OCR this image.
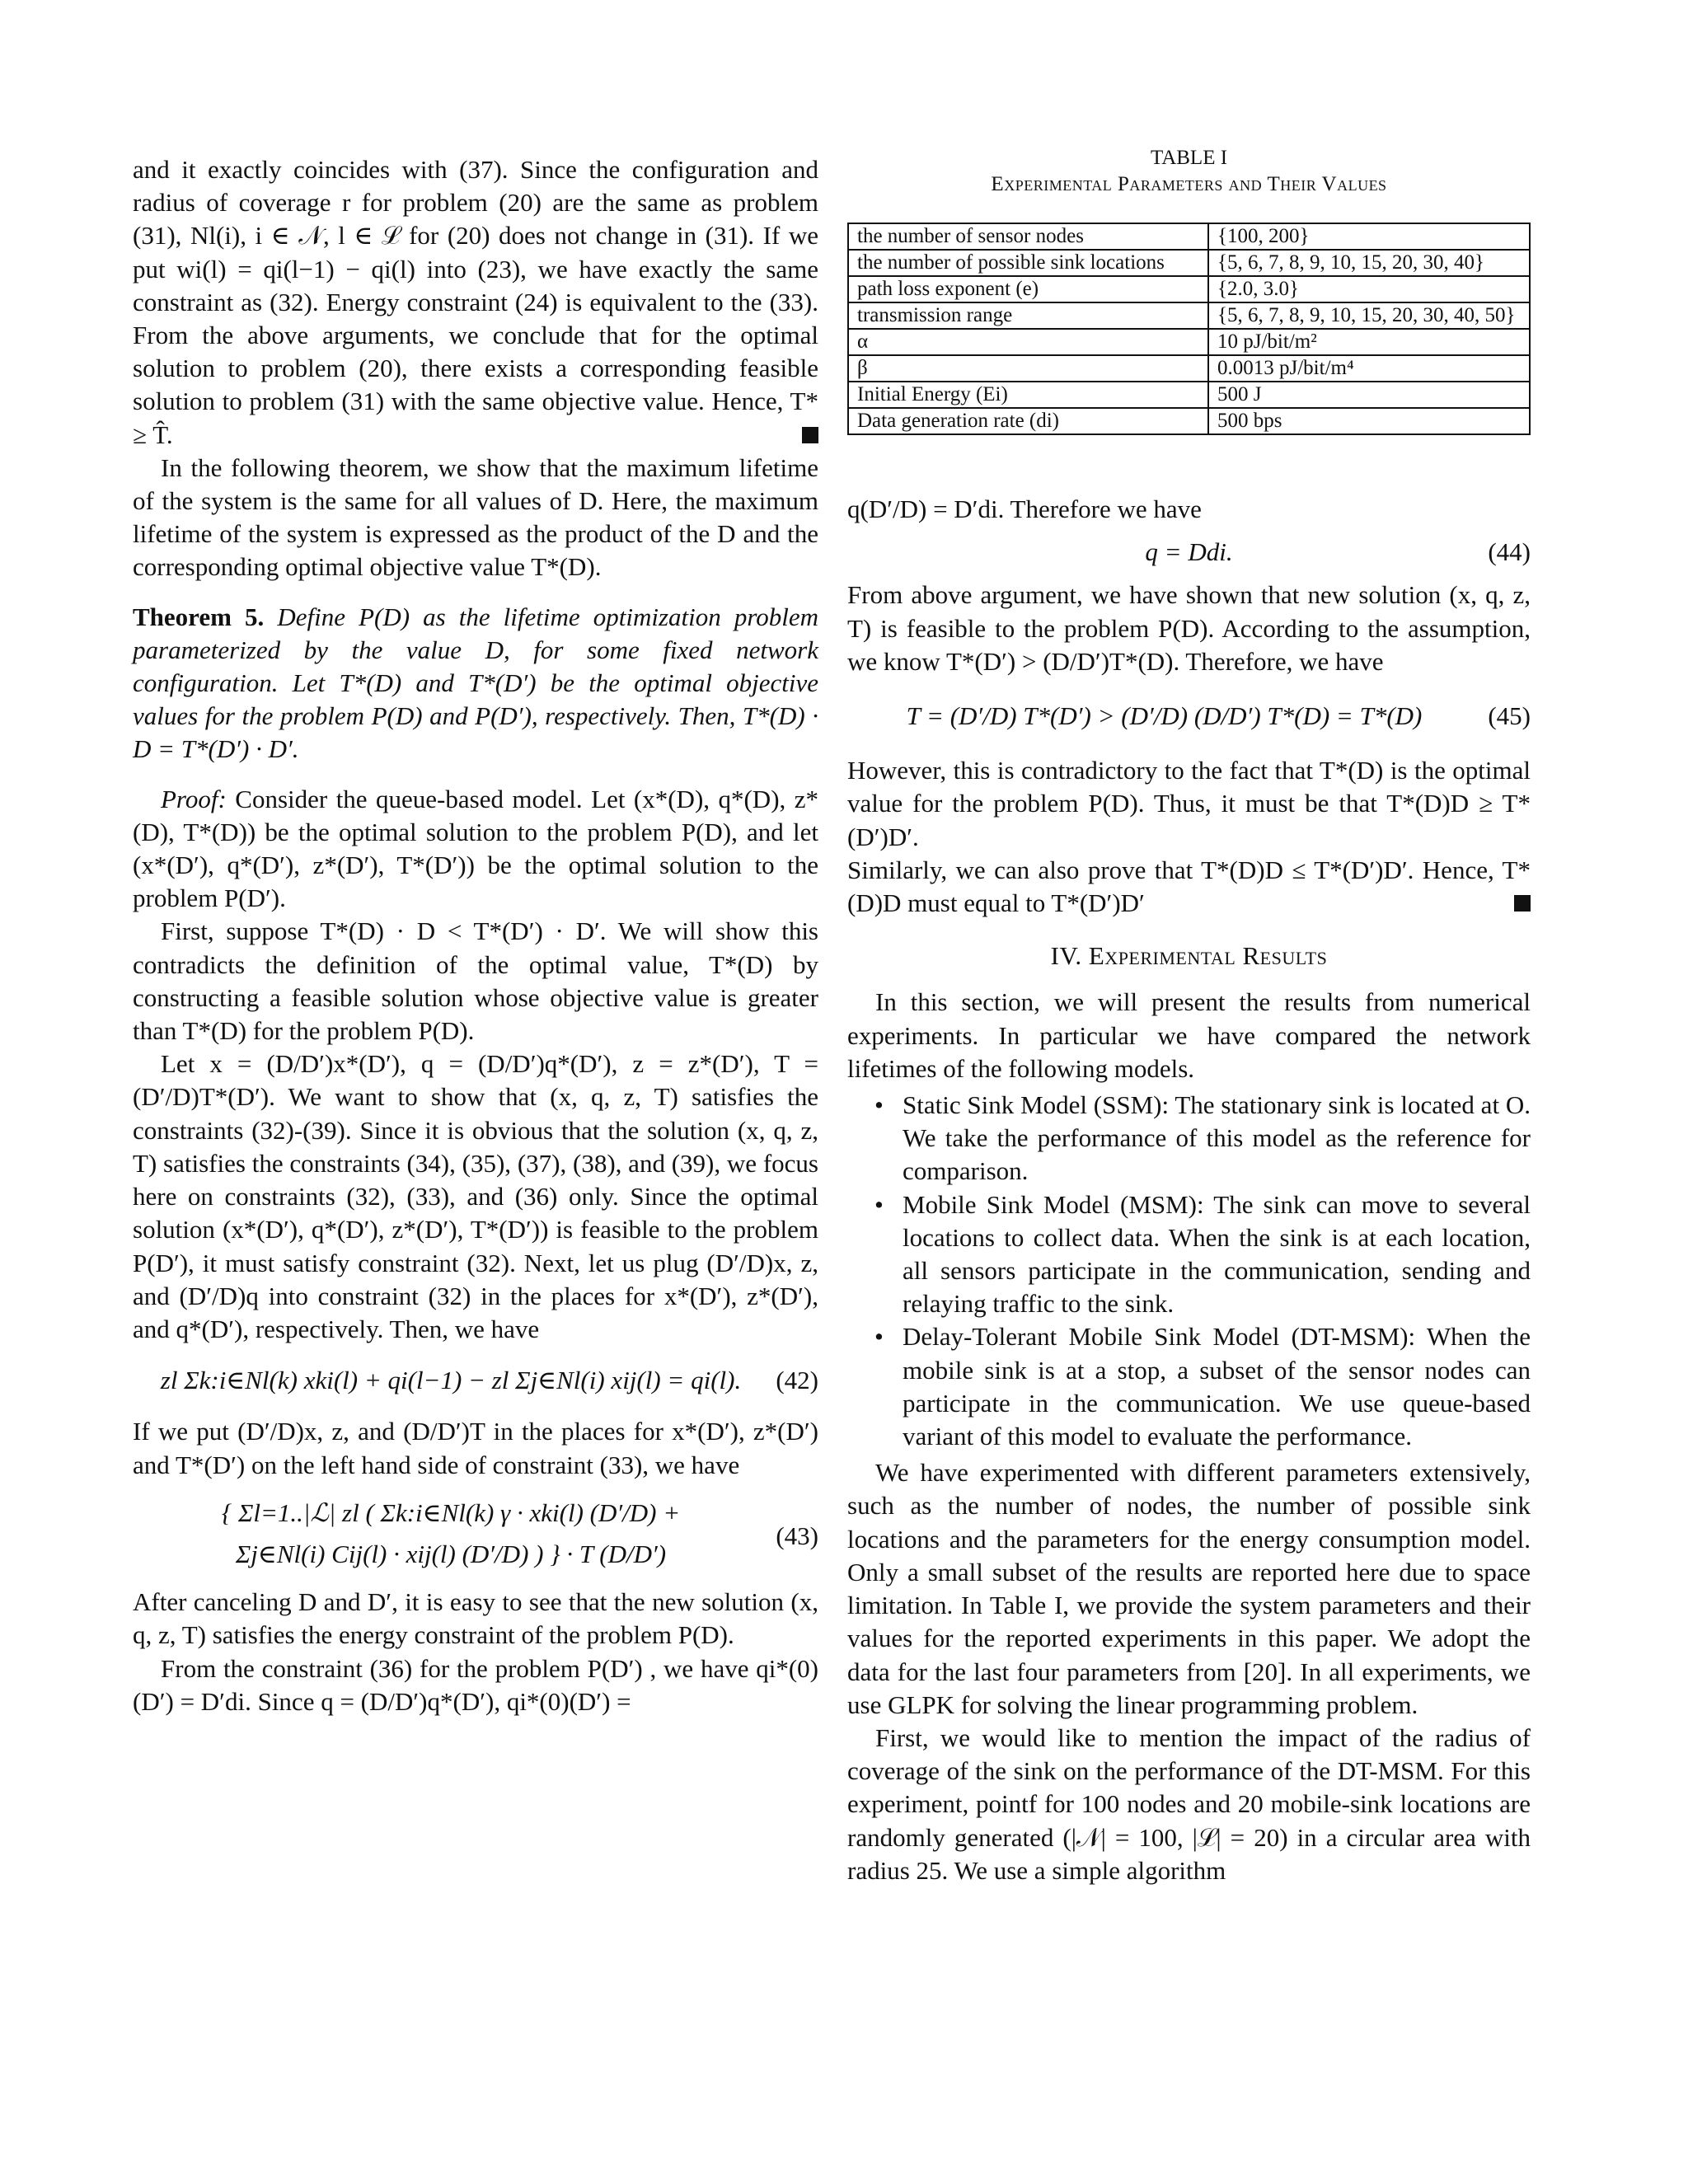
and it exactly coincides with (37). Since the configuration and radius of coverage r for problem (20) are the same as problem (31), Nl(i), i ∈ 𝒩, l ∈ ℒ for (20) does not change in (31). If we put wi(l) = qi(l−1) − qi(l) into (23), we have exactly the same constraint as (32). Energy constraint (24) is equivalent to the (33). From the above arguments, we conclude that for the optimal solution to problem (20), there exists a corresponding feasible solution to problem (31) with the same objective value. Hence, T* ≥ T̂.

In the following theorem, we show that the maximum lifetime of the system is the same for all values of D. Here, the maximum lifetime of the system is expressed as the product of the D and the corresponding optimal objective value T*(D).

Theorem 5. Define P(D) as the lifetime optimization problem parameterized by the value D, for some fixed network configuration. Let T*(D) and T*(D′) be the optimal objective values for the problem P(D) and P(D′), respectively. Then, T*(D) · D = T*(D′) · D′.

Proof: Consider the queue-based model. Let (x*(D), q*(D), z*(D), T*(D)) be the optimal solution to the problem P(D), and let (x*(D′), q*(D′), z*(D′), T*(D′)) be the optimal solution to the problem P(D′).

First, suppose T*(D) · D < T*(D′) · D′. We will show this contradicts the definition of the optimal value, T*(D) by constructing a feasible solution whose objective value is greater than T*(D) for the problem P(D).

Let x = (D/D′)x*(D′), q = (D/D′)q*(D′), z = z*(D′), T = (D′/D)T*(D′). We want to show that (x, q, z, T) satisfies the constraints (32)-(39). Since it is obvious that the solution (x, q, z, T) satisfies the constraints (34), (35), (37), (38), and (39), we focus here on constraints (32), (33), and (36) only. Since the optimal solution (x*(D′), q*(D′), z*(D′), T*(D′)) is feasible to the problem P(D′), it must satisfy constraint (32). Next, let us plug (D′/D)x, z, and (D′/D)q into constraint (32) in the places for x*(D′), z*(D′), and q*(D′), respectively. Then, we have

zl Σk:i∈Nl(k) xki(l) + qi(l−1) − zl Σj∈Nl(i) xij(l) = qi(l). (42)

If we put (D′/D)x, z, and (D/D′)T in the places for x*(D′), z*(D′) and T*(D′) on the left hand side of constraint (33), we have

{ Σl=1..|ℒ| zl ( Σk:i∈Nl(k) γ · xki(l) (D′/D) +
Σj∈Nl(i) Cij(l) · xij(l) (D′/D) ) } · T (D/D′)
(43)

After canceling D and D′, it is easy to see that the new solution (x, q, z, T) satisfies the energy constraint of the problem P(D).

From the constraint (36) for the problem P(D′) , we have qi*(0)(D′) = D′di. Since q = (D/D′)q*(D′), qi*(0)(D′) =

TABLE I
Experimental Parameters and Their Values
the number of sensor nodes	{100, 200}
the number of possible sink locations	{5, 6, 7, 8, 9, 10, 15, 20, 30, 40}
path loss exponent (e)	{2.0, 3.0}
transmission range	{5, 6, 7, 8, 9, 10, 15, 20, 30, 40, 50}
α	10 pJ/bit/m²
β	0.0013 pJ/bit/m⁴
Initial Energy (Ei)	500 J
Data generation rate (di)	500 bps

q(D′/D) = D′di. Therefore we have

q = Ddi.	(44)

From above argument, we have shown that new solution (x, q, z, T) is feasible to the problem P(D). According to the assumption, we know T*(D′) > (D/D′)T*(D). Therefore, we have

T = (D′/D) T*(D′) > (D′/D) (D/D′) T*(D) = T*(D)	(45)

However, this is contradictory to the fact that T*(D) is the optimal value for the problem P(D). Thus, it must be that T*(D)D ≥ T*(D′)D′.

Similarly, we can also prove that T*(D)D ≤ T*(D′)D′. Hence, T*(D)D must equal to T*(D′)D′

IV. Experimental Results

In this section, we will present the results from numerical experiments. In particular we have compared the network lifetimes of the following models.

• Static Sink Model (SSM): The stationary sink is located at O. We take the performance of this model as the reference for comparison.
• Mobile Sink Model (MSM): The sink can move to several locations to collect data. When the sink is at each location, all sensors participate in the communication, sending and relaying traffic to the sink.
• Delay-Tolerant Mobile Sink Model (DT-MSM): When the mobile sink is at a stop, a subset of the sensor nodes can participate in the communication. We use queue-based variant of this model to evaluate the performance.

We have experimented with different parameters extensively, such as the number of nodes, the number of possible sink locations and the parameters for the energy consumption model. Only a small subset of the results are reported here due to space limitation. In Table I, we provide the system parameters and their values for the reported experiments in this paper. We adopt the data for the last four parameters from [20]. In all experiments, we use GLPK for solving the linear programming problem.

First, we would like to mention the impact of the radius of coverage of the sink on the performance of the DT-MSM. For this experiment, pointf for 100 nodes and 20 mobile-sink locations are randomly generated (|𝒩| = 100, |ℒ| = 20) in a circular area with radius 25. We use a simple algorithm
